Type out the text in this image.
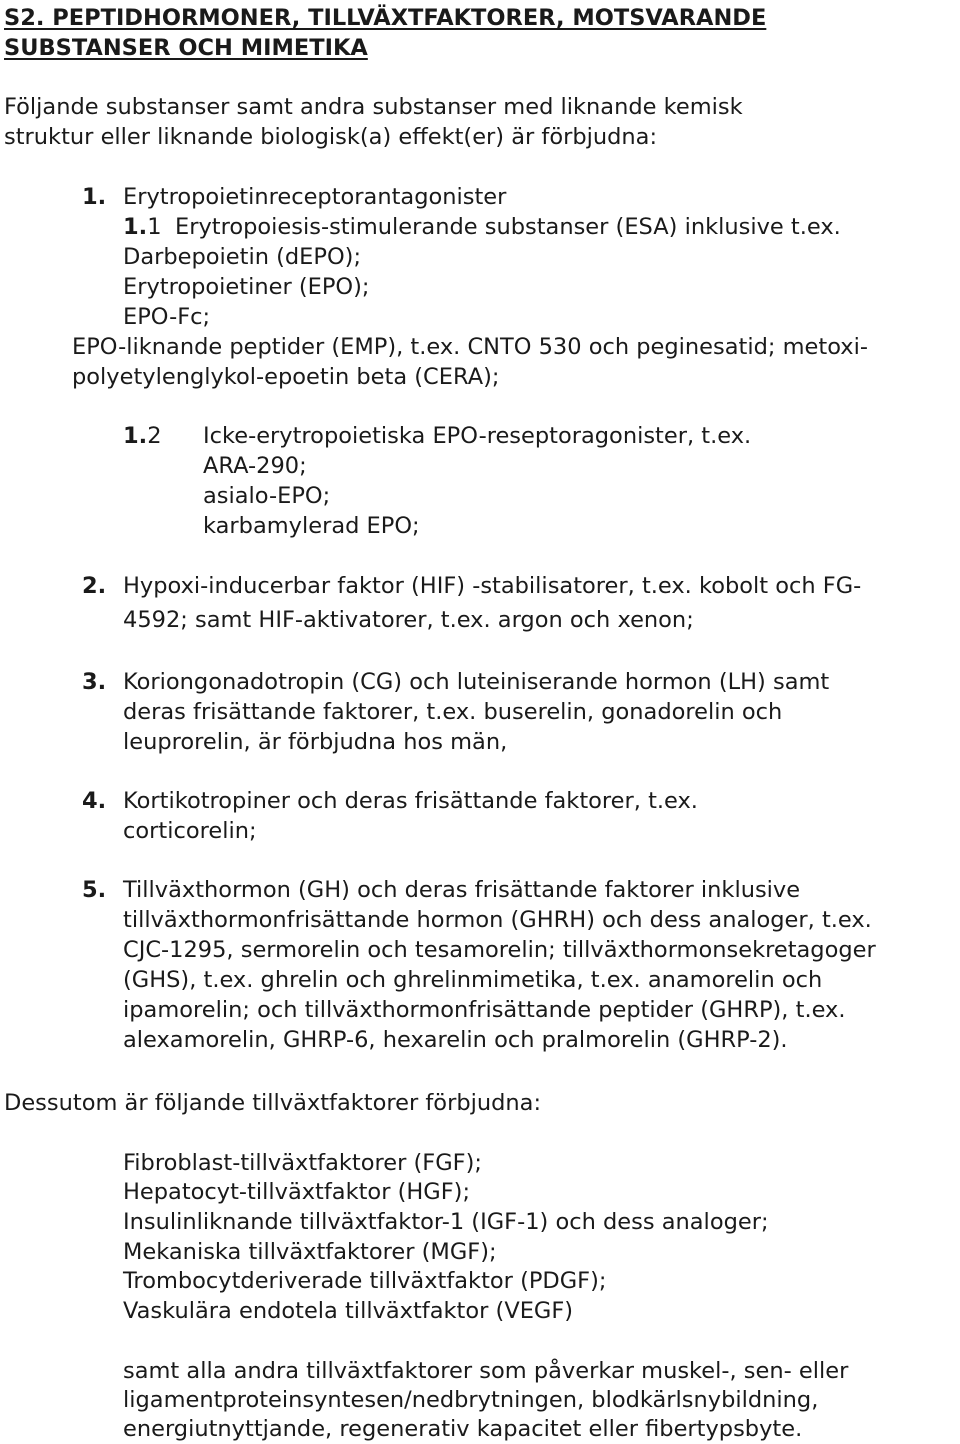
S2. PEPTIDHORMONER, TILLVÄXTFAKTORER, MOTSVARANDE
SUBSTANSER OCH MIMETIKA

Följande substanser samt andra substanser med liknande kemisk

struktur eller liknande biologisk(a) effekt(er) är förbjudna:

1. Erytropoietinreceptorantagonister

1.1 Erytropoiesis-stimulerande substanser (ESA) inklusive t.ex.

Darbepoietin (dEPO);

Erytropoietiner (EPO);

EPO-Fc;

EPO-liknande peptider (EMP), t.ex. CNTO 530 och peginesatid; metoxi-

polyetylenglykol-epoetin beta (CERA);

1.2 Icke-erytropoietiska EPO-reseptoragonister, t.ex.

ARA-290;

asialo-EPO;

karbamylerad EPO;

2. Hypoxi-inducerbar faktor (HIF) -stabilisatorer, t.ex. kobolt och FG-

4592; samt HIF-aktivatorer, t.ex. argon och xenon;

3. Koriongonadotropin (CG) och luteiniserande hormon (LH) samt

deras frisättande faktorer, t.ex. buserelin, gonadorelin och

leuprorelin, är förbjudna hos män,

4. Kortikotropiner och deras frisättande faktorer, t.ex.

corticorelin;

5. Tillväxthormon (GH) och deras frisättande faktorer inklusive

tillväxthormonfrisättande hormon (GHRH) och dess analoger, t.ex.

CJC-1295, sermorelin och tesamorelin; tillväxthormonsekretagoger

(GHS), t.ex. ghrelin och ghrelinmimetika, t.ex. anamorelin och

ipamorelin; och tillväxthormonfrisättande peptider (GHRP), t.ex.

alexamorelin, GHRP-6, hexarelin och pralmorelin (GHRP-2).

Dessutom är följande tillväxtfaktorer förbjudna:

Fibroblast-tillväxtfaktorer (FGF);

Hepatocyt-tillväxtfaktor (HGF);

Insulinliknande tillväxtfaktor-1 (IGF-1) och dess analoger;

Mekaniska tillväxtfaktorer (MGF);

Trombocytderiverade tillväxtfaktor (PDGF);

Vaskulära endotela tillväxtfaktor (VEGF)

samt alla andra tillväxtfaktorer som påverkar muskel-, sen- eller

ligamentproteinsyntesen/nedbrytningen, blodkärlsnybildning,

energiutnyttjande, regenerativ kapacitet eller fibertypsbyte.
